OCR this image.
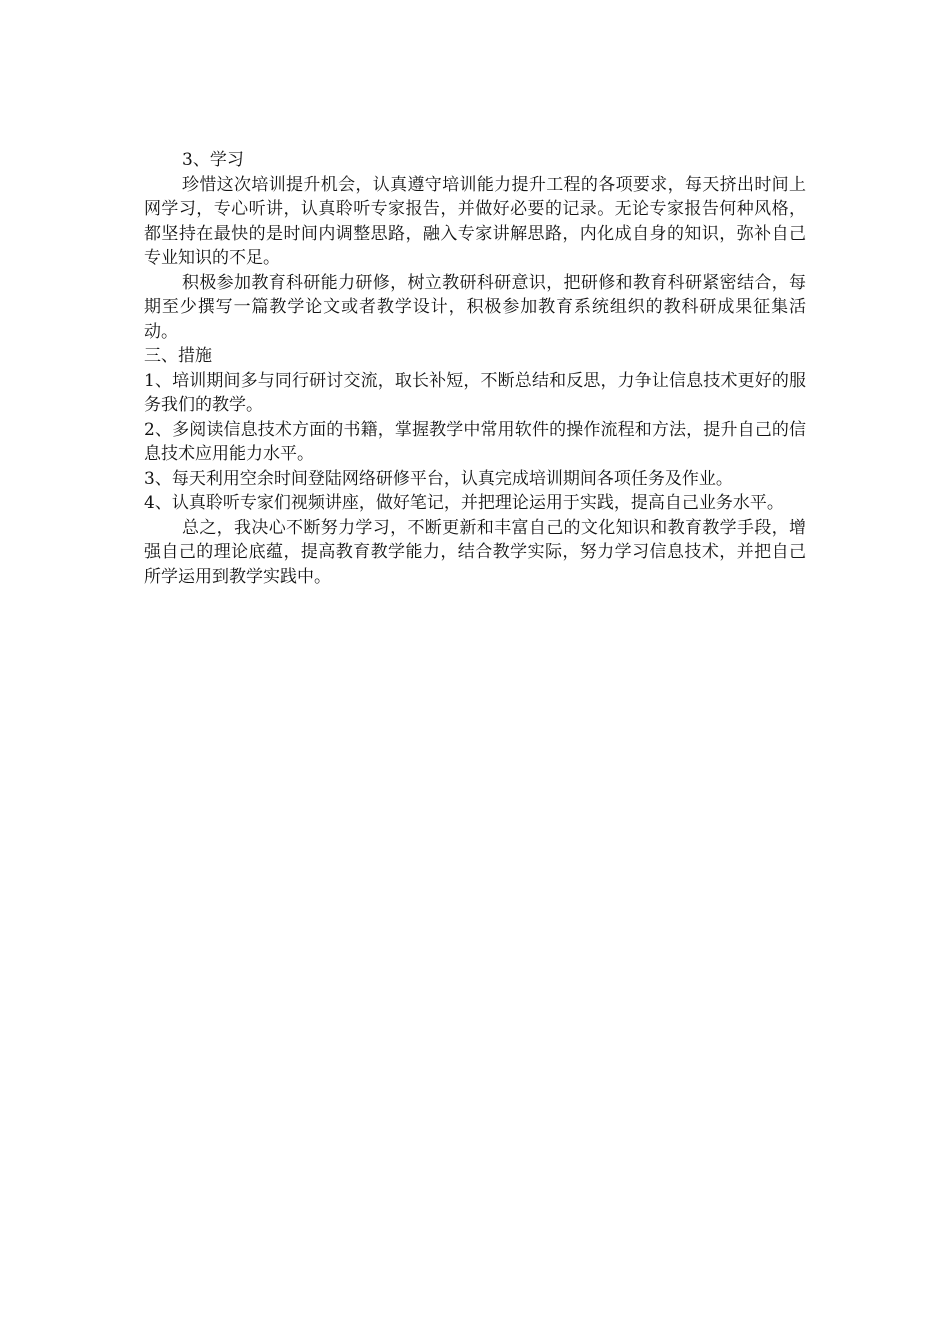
3、学习

珍惜这次培训提升机会，认真遵守培训能力提升工程的各项要求，每天挤出时间上网学习，专心听讲，认真聆听专家报告，并做好必要的记录。无论专家报告何种风格，都坚持在最快的是时间内调整思路，融入专家讲解思路，内化成自身的知识，弥补自己专业知识的不足。

积极参加教育科研能力研修，树立教研科研意识，把研修和教育科研紧密结合，每期至少撰写一篇教学论文或者教学设计，积极参加教育系统组织的教科研成果征集活动。

三、措施

1、培训期间多与同行研讨交流，取长补短，不断总结和反思，力争让信息技术更好的服务我们的教学。

2、多阅读信息技术方面的书籍，掌握教学中常用软件的操作流程和方法，提升自己的信息技术应用能力水平。

3、每天利用空余时间登陆网络研修平台，认真完成培训期间各项任务及作业。

4、认真聆听专家们视频讲座，做好笔记，并把理论运用于实践，提高自己业务水平。

总之，我决心不断努力学习，不断更新和丰富自己的文化知识和教育教学手段，增强自己的理论底蕴，提高教育教学能力，结合教学实际，努力学习信息技术，并把自己所学运用到教学实践中。
